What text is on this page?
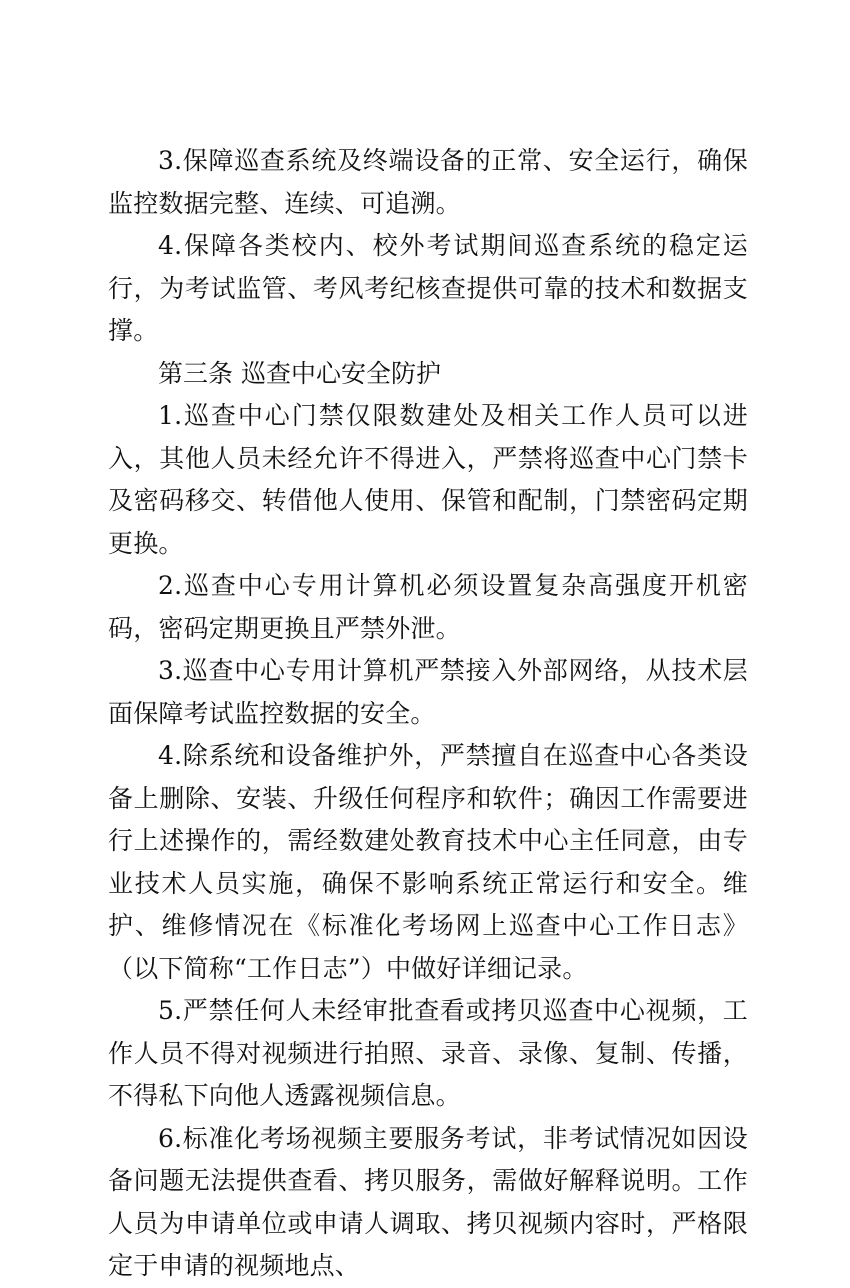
3.保障巡查系统及终端设备的正常、安全运行，确保监控数据完整、连续、可追溯。

4.保障各类校内、校外考试期间巡查系统的稳定运行，为考试监管、考风考纪核查提供可靠的技术和数据支撑。

第三条 巡查中心安全防护

1.巡查中心门禁仅限数建处及相关工作人员可以进入，其他人员未经允许不得进入，严禁将巡查中心门禁卡及密码移交、转借他人使用、保管和配制，门禁密码定期更换。

2.巡查中心专用计算机必须设置复杂高强度开机密码，密码定期更换且严禁外泄。

3.巡查中心专用计算机严禁接入外部网络，从技术层面保障考试监控数据的安全。

4.除系统和设备维护外，严禁擅自在巡查中心各类设备上删除、安装、升级任何程序和软件；确因工作需要进行上述操作的，需经数建处教育技术中心主任同意，由专业技术人员实施，确保不影响系统正常运行和安全。维护、维修情况在《标准化考场网上巡查中心工作日志》（以下简称“工作日志”）中做好详细记录。

5.严禁任何人未经审批查看或拷贝巡查中心视频，工作人员不得对视频进行拍照、录音、录像、复制、传播，不得私下向他人透露视频信息。

6.标准化考场视频主要服务考试，非考试情况如因设备问题无法提供查看、拷贝服务，需做好解释说明。工作人员为申请单位或申请人调取、拷贝视频内容时，严格限定于申请的视频地点、
